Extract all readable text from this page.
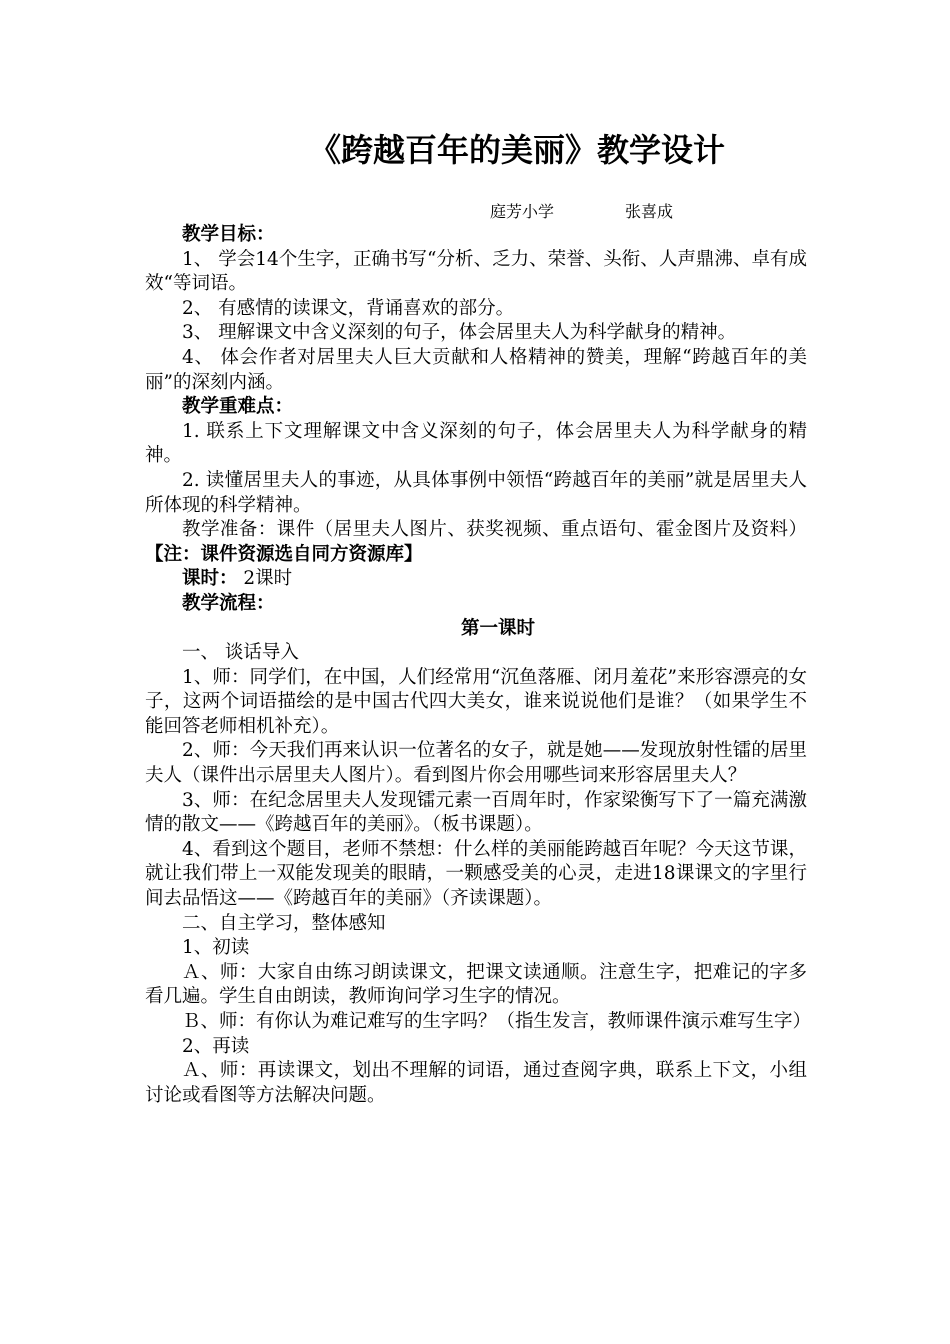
《跨越百年的美丽》教学设计
庭芳小学	张喜成

教学目标：

1、 学会14个生字，正确书写“分析、乏力、荣誉、头衔、人声鼎沸、卓有成效“等词语。

2、 有感情的读课文，背诵喜欢的部分。

3、 理解课文中含义深刻的句子，体会居里夫人为科学献身的精神。

4、 体会作者对居里夫人巨大贡献和人格精神的赞美，理解“跨越百年的美丽”的深刻内涵。

教学重难点：

1. 联系上下文理解课文中含义深刻的句子，体会居里夫人为科学献身的精神。

2. 读懂居里夫人的事迹，从具体事例中领悟“跨越百年的美丽”就是居里夫人所体现的科学精神。

教学准备：课件（居里夫人图片、获奖视频、重点语句、霍金图片及资料）【注：课件资源选自同方资源库】

课时： 2课时

教学流程：

第一课时

一、 谈话导入

1、师：同学们，在中国，人们经常用“沉鱼落雁、闭月羞花”来形容漂亮的女子，这两个词语描绘的是中国古代四大美女，谁来说说他们是谁？（如果学生不能回答老师相机补充）。

2、师：今天我们再来认识一位著名的女子，就是她——发现放射性镭的居里夫人（课件出示居里夫人图片）。看到图片你会用哪些词来形容居里夫人？

3、师：在纪念居里夫人发现镭元素一百周年时，作家梁衡写下了一篇充满激情的散文——《跨越百年的美丽》。（板书课题）。

4、看到这个题目，老师不禁想：什么样的美丽能跨越百年呢？今天这节课，就让我们带上一双能发现美的眼睛，一颗感受美的心灵，走进18课课文的字里行间去品悟这——《跨越百年的美丽》（齐读课题）。

二、自主学习，整体感知

1、初读

Ａ、师：大家自由练习朗读课文，把课文读通顺。注意生字，把难记的字多看几遍。学生自由朗读，教师询问学习生字的情况。

Ｂ、师：有你认为难记难写的生字吗？（指生发言，教师课件演示难写生字）

2、再读

Ａ、师：再读课文，划出不理解的词语，通过查阅字典，联系上下文，小组讨论或看图等方法解决问题。
